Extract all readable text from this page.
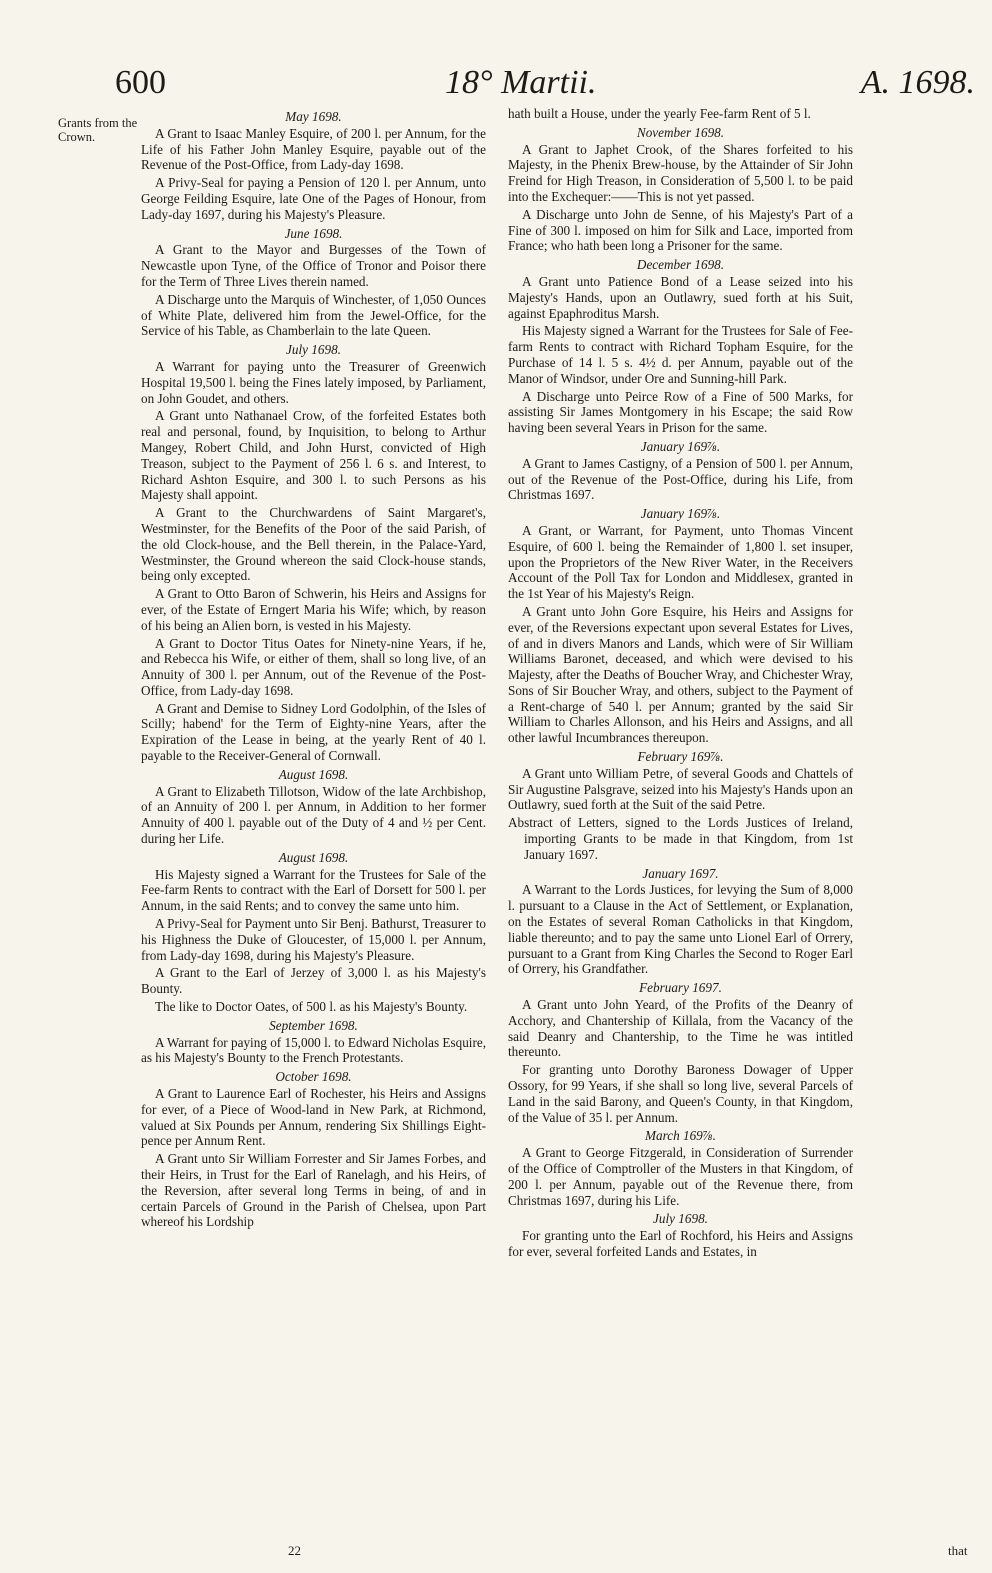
600	18° Martii.	A. 1698.
Grants from the Crown.
May 1698.
A Grant to Isaac Manley Esquire, of 200 l. per Annum, for the Life of his Father John Manley Esquire, payable out of the Revenue of the Post-Office, from Lady-day 1698.
A Privy-Seal for paying a Pension of 120 l. per Annum, unto George Feilding Esquire, late One of the Pages of Honour, from Lady-day 1697, during his Majesty's Pleasure.
June 1698.
A Grant to the Mayor and Burgesses of the Town of Newcastle upon Tyne, of the Office of Tronor and Poisor there for the Term of Three Lives therein named.
A Discharge unto the Marquis of Winchester, of 1,050 Ounces of White Plate, delivered him from the Jewel-Office, for the Service of his Table, as Chamberlain to the late Queen.
July 1698.
A Warrant for paying unto the Treasurer of Greenwich Hospital 19,500 l. being the Fines lately imposed, by Parliament, on John Goudet, and others.
A Grant unto Nathanael Crow, of the forfeited Estates both real and personal, found, by Inquisition, to belong to Arthur Mangey, Robert Child, and John Hurst, convicted of High Treason, subject to the Payment of 256 l. 6 s. and Interest, to Richard Ashton Esquire, and 300 l. to such Persons as his Majesty shall appoint.
A Grant to the Churchwardens of Saint Margaret's, Westminster, for the Benefits of the Poor of the said Parish, of the old Clock-house, and the Bell therein, in the Palace-Yard, Westminster, the Ground whereon the said Clock-house stands, being only excepted.
A Grant to Otto Baron of Schwerin, his Heirs and Assigns for ever, of the Estate of Erngert Maria his Wife; which, by reason of his being an Alien born, is vested in his Majesty.
A Grant to Doctor Titus Oates for Ninety-nine Years, if he, and Rebecca his Wife, or either of them, shall so long live, of an Annuity of 300 l. per Annum, out of the Revenue of the Post-Office, from Lady-day 1698.
A Grant and Demise to Sidney Lord Godolphin, of the Isles of Scilly; habend' for the Term of Eighty-nine Years, after the Expiration of the Lease in being, at the yearly Rent of 40 l. payable to the Receiver-General of Cornwall.
August 1698.
A Grant to Elizabeth Tillotson, Widow of the late Archbishop, of an Annuity of 200 l. per Annum, in Addition to her former Annuity of 400 l. payable out of the Duty of 4 and ½ per Cent. during her Life.
August 1698.
His Majesty signed a Warrant for the Trustees for Sale of the Fee-farm Rents to contract with the Earl of Dorsett for 500 l. per Annum, in the said Rents; and to convey the same unto him.
A Privy-Seal for Payment unto Sir Benj. Bathurst, Treasurer to his Highness the Duke of Gloucester, of 15,000 l. per Annum, from Lady-day 1698, during his Majesty's Pleasure.
A Grant to the Earl of Jerzey of 3,000 l. as his Majesty's Bounty.
The like to Doctor Oates, of 500 l. as his Majesty's Bounty.
September 1698.
A Warrant for paying of 15,000 l. to Edward Nicholas Esquire, as his Majesty's Bounty to the French Protestants.
October 1698.
A Grant to Laurence Earl of Rochester, his Heirs and Assigns for ever, of a Piece of Wood-land in New Park, at Richmond, valued at Six Pounds per Annum, rendering Six Shillings Eight-pence per Annum Rent.
A Grant unto Sir William Forrester and Sir James Forbes, and their Heirs, in Trust for the Earl of Ranelagh, and his Heirs, of the Reversion, after several long Terms in being, of and in certain Parcels of Ground in the Parish of Chelsea, upon Part whereof his Lordship
hath built a House, under the yearly Fee-farm Rent of 5 l.
November 1698.
A Grant to Japhet Crook, of the Shares forfeited to his Majesty, in the Phenix Brew-house, by the Attainder of Sir John Freind for High Treason, in Consideration of 5,500 l. to be paid into the Exchequer:——This is not yet passed.
A Discharge unto John de Senne, of his Majesty's Part of a Fine of 300 l. imposed on him for Silk and Lace, imported from France; who hath been long a Prisoner for the same.
December 1698.
A Grant unto Patience Bond of a Lease seized into his Majesty's Hands, upon an Outlawry, sued forth at his Suit, against Epaphroditus Marsh.
His Majesty signed a Warrant for the Trustees for Sale of Fee-farm Rents to contract with Richard Topham Esquire, for the Purchase of 14 l. 5 s. 4½ d. per Annum, payable out of the Manor of Windsor, under Ore and Sunning-hill Park.
A Discharge unto Peirce Row of a Fine of 500 Marks, for assisting Sir James Montgomery in his Escape; the said Row having been several Years in Prison for the same.
January 169⅞.
A Grant to James Castigny, of a Pension of 500 l. per Annum, out of the Revenue of the Post-Office, during his Life, from Christmas 1697.
January 169⅞.
A Grant, or Warrant, for Payment, unto Thomas Vincent Esquire, of 600 l. being the Remainder of 1,800 l. set insuper, upon the Proprietors of the New River Water, in the Receivers Account of the Poll Tax for London and Middlesex, granted in the 1st Year of his Majesty's Reign.
A Grant unto John Gore Esquire, his Heirs and Assigns for ever, of the Reversions expectant upon several Estates for Lives, of and in divers Manors and Lands, which were of Sir William Williams Baronet, deceased, and which were devised to his Majesty, after the Deaths of Boucher Wray, and Chichester Wray, Sons of Sir Boucher Wray, and others, subject to the Payment of a Rent-charge of 540 l. per Annum; granted by the said Sir William to Charles Allonson, and his Heirs and Assigns, and all other lawful Incumbrances thereupon.
February 169⅞.
A Grant unto William Petre, of several Goods and Chattels of Sir Augustine Palsgrave, seized into his Majesty's Hands upon an Outlawry, sued forth at the Suit of the said Petre.
Abstract of Letters, signed to the Lords Justices of Ireland, importing Grants to be made in that Kingdom, from 1st January 1697.
January 1697.
A Warrant to the Lords Justices, for levying the Sum of 8,000 l. pursuant to a Clause in the Act of Settlement, or Explanation, on the Estates of several Roman Catholicks in that Kingdom, liable thereunto; and to pay the same unto Lionel Earl of Orrery, pursuant to a Grant from King Charles the Second to Roger Earl of Orrery, his Grandfather.
February 1697.
A Grant unto John Yeard, of the Profits of the Deanry of Acchory, and Chantership of Killala, from the Vacancy of the said Deanry and Chantership, to the Time he was intitled thereunto.
For granting unto Dorothy Baroness Dowager of Upper Ossory, for 99 Years, if she shall so long live, several Parcels of Land in the said Barony, and Queen's County, in that Kingdom, of the Value of 35 l. per Annum.
March 169⅞.
A Grant to George Fitzgerald, in Consideration of Surrender of the Office of Comptroller of the Musters in that Kingdom, of 200 l. per Annum, payable out of the Revenue there, from Christmas 1697, during his Life.
July 1698.
For granting unto the Earl of Rochford, his Heirs and Assigns for ever, several forfeited Lands and Estates, in
22	that
